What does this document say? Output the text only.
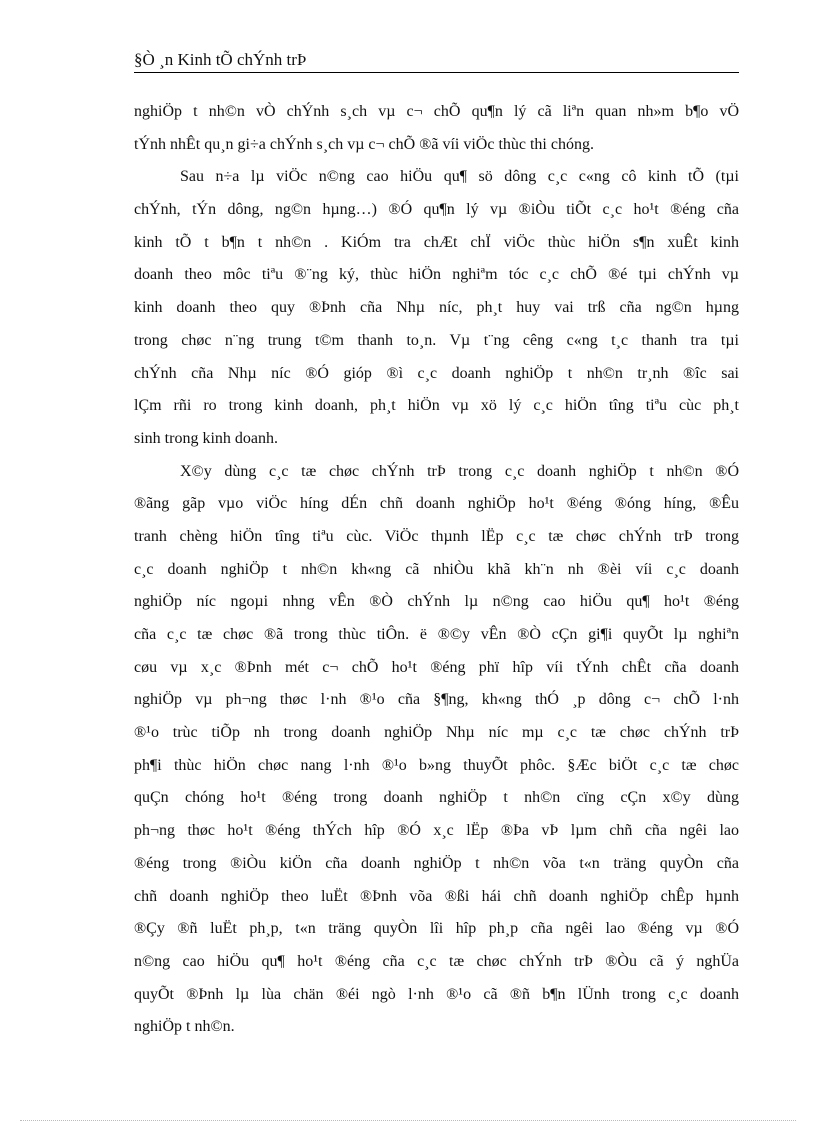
§Ò ¸n Kinh tÕ chÝnh trÞ
nghiÖp t nh©n vÒ chÝnh s¸ch vµ c¬ chÕ qu¶n lý cã liªn quan nh»m b¶o vÖ
tÝnh nhÊt qu¸n gi÷a chÝnh s¸ch vµ c¬ chÕ ®ã víi viÖc thùc thi chóng.
Sau n÷a lµ viÖc n©ng cao hiÖu qu¶ sö dông c¸c c«ng cô kinh tÕ (tµi
chÝnh, tÝn dông, ng©n hµng…) ®Ó qu¶n lý vµ ®iÒu tiÕt c¸c ho¹t ®éng cña
kinh tÕ t b¶n t nh©n . KiÓm tra chÆt chÏ viÖc thùc hiÖn s¶n xuÊt kinh
doanh theo môc tiªu ®¨ng ký, thùc hiÖn nghiªm tóc c¸c chÕ ®é tµi chÝnh vµ
kinh doanh theo quy ®Þnh cña Nhµ níc, ph¸t huy vai trß cña ng©n hµng
trong chøc n¨ng trung t©m thanh to¸n. Vµ t¨ng cêng c«ng t¸c thanh tra tµi
chÝnh cña Nhµ níc ®Ó gióp ®ì c¸c doanh nghiÖp t nh©n tr¸nh ®îc sai
lÇm rñi ro trong kinh doanh, ph¸t hiÖn vµ xö lý c¸c hiÖn tîng tiªu cùc ph¸t
sinh trong kinh doanh.
X©y dùng c¸c tæ chøc chÝnh trÞ trong c¸c doanh nghiÖp t nh©n ®Ó
®ãng gãp vµo viÖc híng dÉn chñ doanh nghiÖp ho¹t ®éng ®óng híng, ®Êu
tranh chèng hiÖn tîng tiªu cùc. ViÖc thµnh lËp c¸c tæ chøc chÝnh trÞ trong
c¸c doanh nghiÖp t nh©n kh«ng cã nhiÒu khã kh¨n nh ®èi víi c¸c doanh
nghiÖp níc ngoµi nhng vÊn ®Ò chÝnh lµ n©ng cao hiÖu qu¶ ho¹t ®éng
cña c¸c tæ chøc ®ã trong thùc tiÔn. ë ®©y vÊn ®Ò cÇn gi¶i quyÕt lµ nghiªn
cøu vµ x¸c ®Þnh mét c¬ chÕ ho¹t ®éng phï hîp víi tÝnh chÊt cña doanh
nghiÖp vµ ph¬ng thøc l·nh ®¹o cña §¶ng, kh«ng thÓ ¸p dông c¬ chÕ l·nh
®¹o trùc tiÕp nh trong doanh nghiÖp Nhµ níc mµ c¸c tæ chøc chÝnh trÞ
ph¶i thùc hiÖn chøc nang l·nh ®¹o b»ng thuyÕt phôc. §Æc biÖt c¸c tæ chøc
quÇn chóng ho¹t ®éng trong doanh nghiÖp t nh©n cïng cÇn x©y dùng
ph¬ng thøc ho¹t ®éng thÝch hîp ®Ó x¸c lËp ®Þa vÞ lµm chñ cña ngêi lao
®éng trong ®iÒu kiÖn cña doanh nghiÖp t nh©n võa t«n träng quyÒn cña
chñ doanh nghiÖp theo luËt ®Þnh võa ®ßi hái chñ doanh nghiÖp chÊp hµnh
®Çy ®ñ luËt ph¸p, t«n träng quyÒn lîi hîp ph¸p cña ngêi lao ®éng vµ ®Ó
n©ng cao hiÖu qu¶ ho¹t ®éng cña c¸c tæ chøc chÝnh trÞ ®Òu cã ý nghÜa
quyÕt ®Þnh lµ lùa chän ®éi ngò l·nh ®¹o cã ®ñ b¶n lÜnh trong c¸c doanh
nghiÖp t nh©n.
